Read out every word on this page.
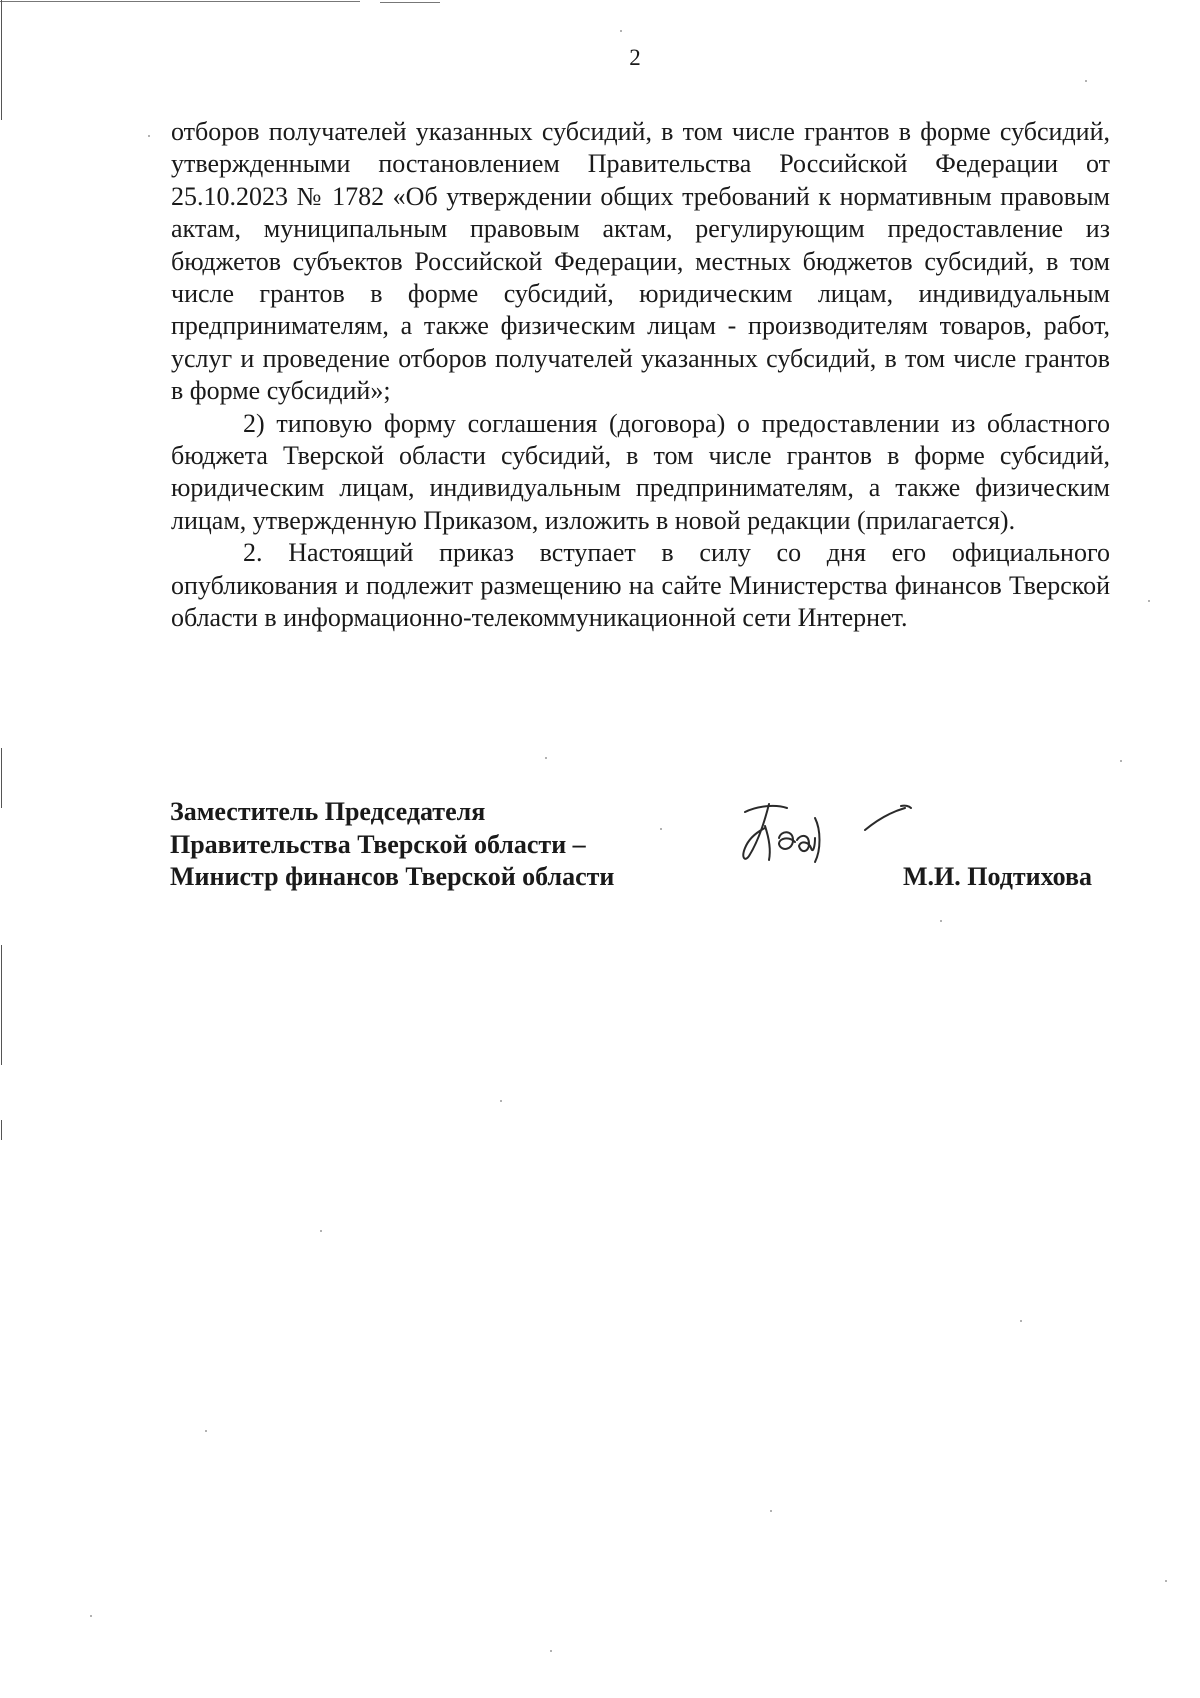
2

отборов получателей указанных субсидий, в том числе грантов в форме субсидий, утвержденными постановлением Правительства Российской Федерации от 25.10.2023 № 1782 «Об утверждении общих требований к нормативным правовым актам, муниципальным правовым актам, регулирующим предоставление из бюджетов субъектов Российской Федерации, местных бюджетов субсидий, в том числе грантов в форме субсидий, юридическим лицам, индивидуальным предпринимателям, а также физическим лицам - производителям товаров, работ, услуг и проведение отборов получателей указанных субсидий, в том числе грантов в форме субсидий»;

2) типовую форму соглашения (договора) о предоставлении из областного бюджета Тверской области субсидий, в том числе грантов в форме субсидий, юридическим лицам, индивидуальным предпринимателям, а также физическим лицам, утвержденную Приказом, изложить в новой редакции (прилагается).

2. Настоящий приказ вступает в силу со дня его официального опубликования и подлежит размещению на сайте Министерства финансов Тверской области в информационно-телекоммуникационной сети Интернет.

Заместитель Председателя
Правительства Тверской области –
Министр финансов Тверской области	М.И. Подтихова
